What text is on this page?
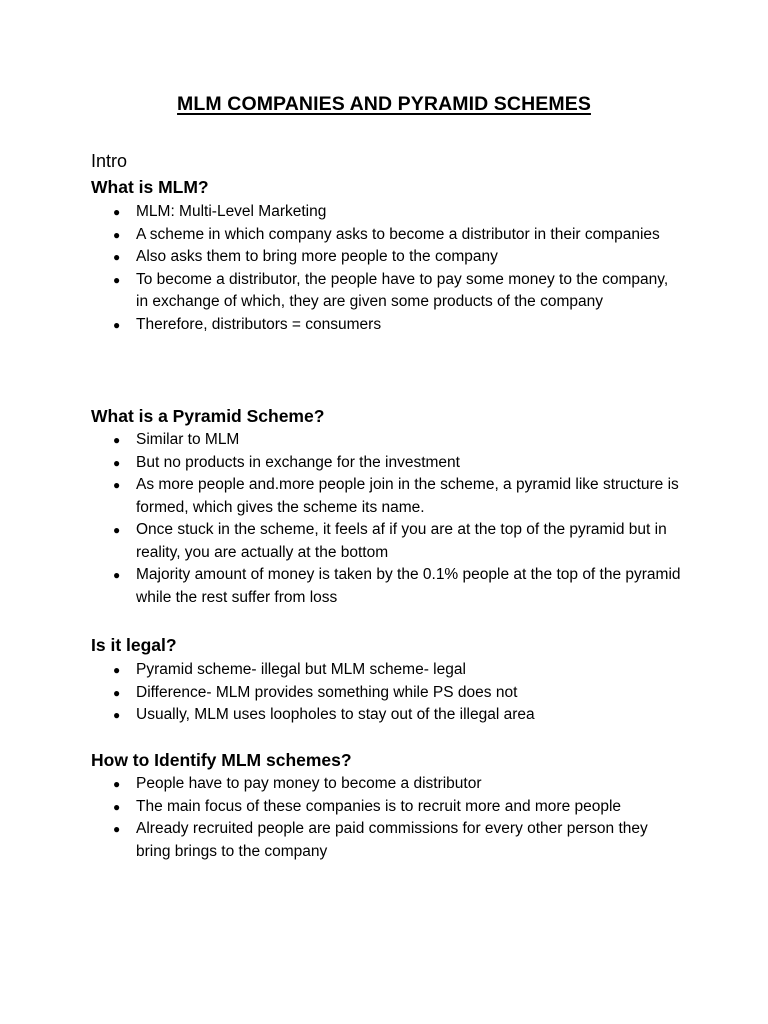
MLM COMPANIES AND PYRAMID SCHEMES
Intro
What is MLM?
● MLM: Multi-Level Marketing
● A scheme in which company asks to become a distributor in their companies
● Also asks them to bring more people to the company
● To become a distributor, the people have to pay some money to the company, in exchange of which, they are given some products of the company
● Therefore, distributors = consumers
What is a Pyramid Scheme?
● Similar to MLM
● But no products in exchange for the investment
● As more people and.more people join in the scheme, a pyramid like structure is formed, which gives the scheme its name.
● Once stuck in the scheme, it feels af if you are at the top of the pyramid but in reality, you are actually at the bottom
● Majority amount of money is taken by the 0.1% people at the top of the pyramid while the rest suffer from loss
Is it legal?
● Pyramid scheme- illegal but MLM scheme- legal
● Difference- MLM provides something while PS does not
● Usually, MLM uses loopholes to stay out of the illegal area
How to Identify MLM schemes?
● People have to pay money to become a distributor
● The main focus of these companies is to recruit more and more people
● Already recruited people are paid commissions for every other person they bring brings to the company
